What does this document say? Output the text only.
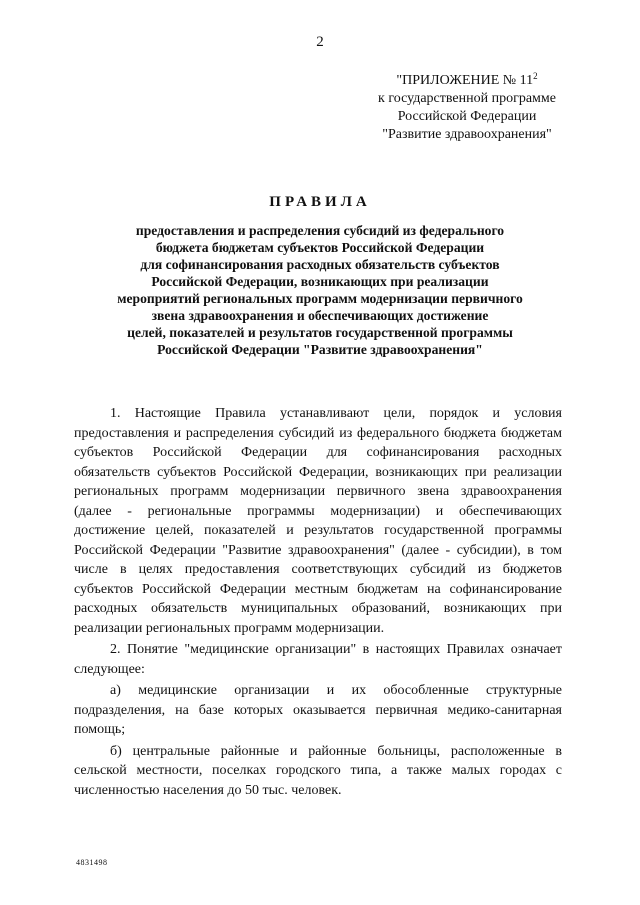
2
"ПРИЛОЖЕНИЕ № $11^2$
к государственной программе
Российской Федерации
"Развитие здравоохранения"
ПРАВИЛА
предоставления и распределения субсидий из федерального
бюджета бюджетам субъектов Российской Федерации
для софинансирования расходных обязательств субъектов
Российской Федерации, возникающих при реализации
мероприятий региональных программ модернизации первичного
звена здравоохранения и обеспечивающих достижение
целей, показателей и результатов государственной программы
Российской Федерации "Развитие здравоохранения"

1. Настоящие Правила устанавливают цели, порядок и условия предоставления и распределения субсидий из федерального бюджета бюджетам субъектов Российской Федерации для софинансирования расходных обязательств субъектов Российской Федерации, возникающих при реализации региональных программ модернизации первичного звена здравоохранения (далее - региональные программы модернизации) и обеспечивающих достижение целей, показателей и результатов государственной программы Российской Федерации "Развитие здравоохранения" (далее - субсидии), в том числе в целях предоставления соответствующих субсидий из бюджетов субъектов Российской Федерации местным бюджетам на софинансирование расходных обязательств муниципальных образований, возникающих при реализации региональных программ модернизации.

2. Понятие "медицинские организации" в настоящих Правилах означает следующее:

а) медицинские организации и их обособленные структурные подразделения, на базе которых оказывается первичная медико-санитарная помощь;

б) центральные районные и районные больницы, расположенные в сельской местности, поселках городского типа, а также малых городах с численностью населения до 50 тыс. человек.

4831498
